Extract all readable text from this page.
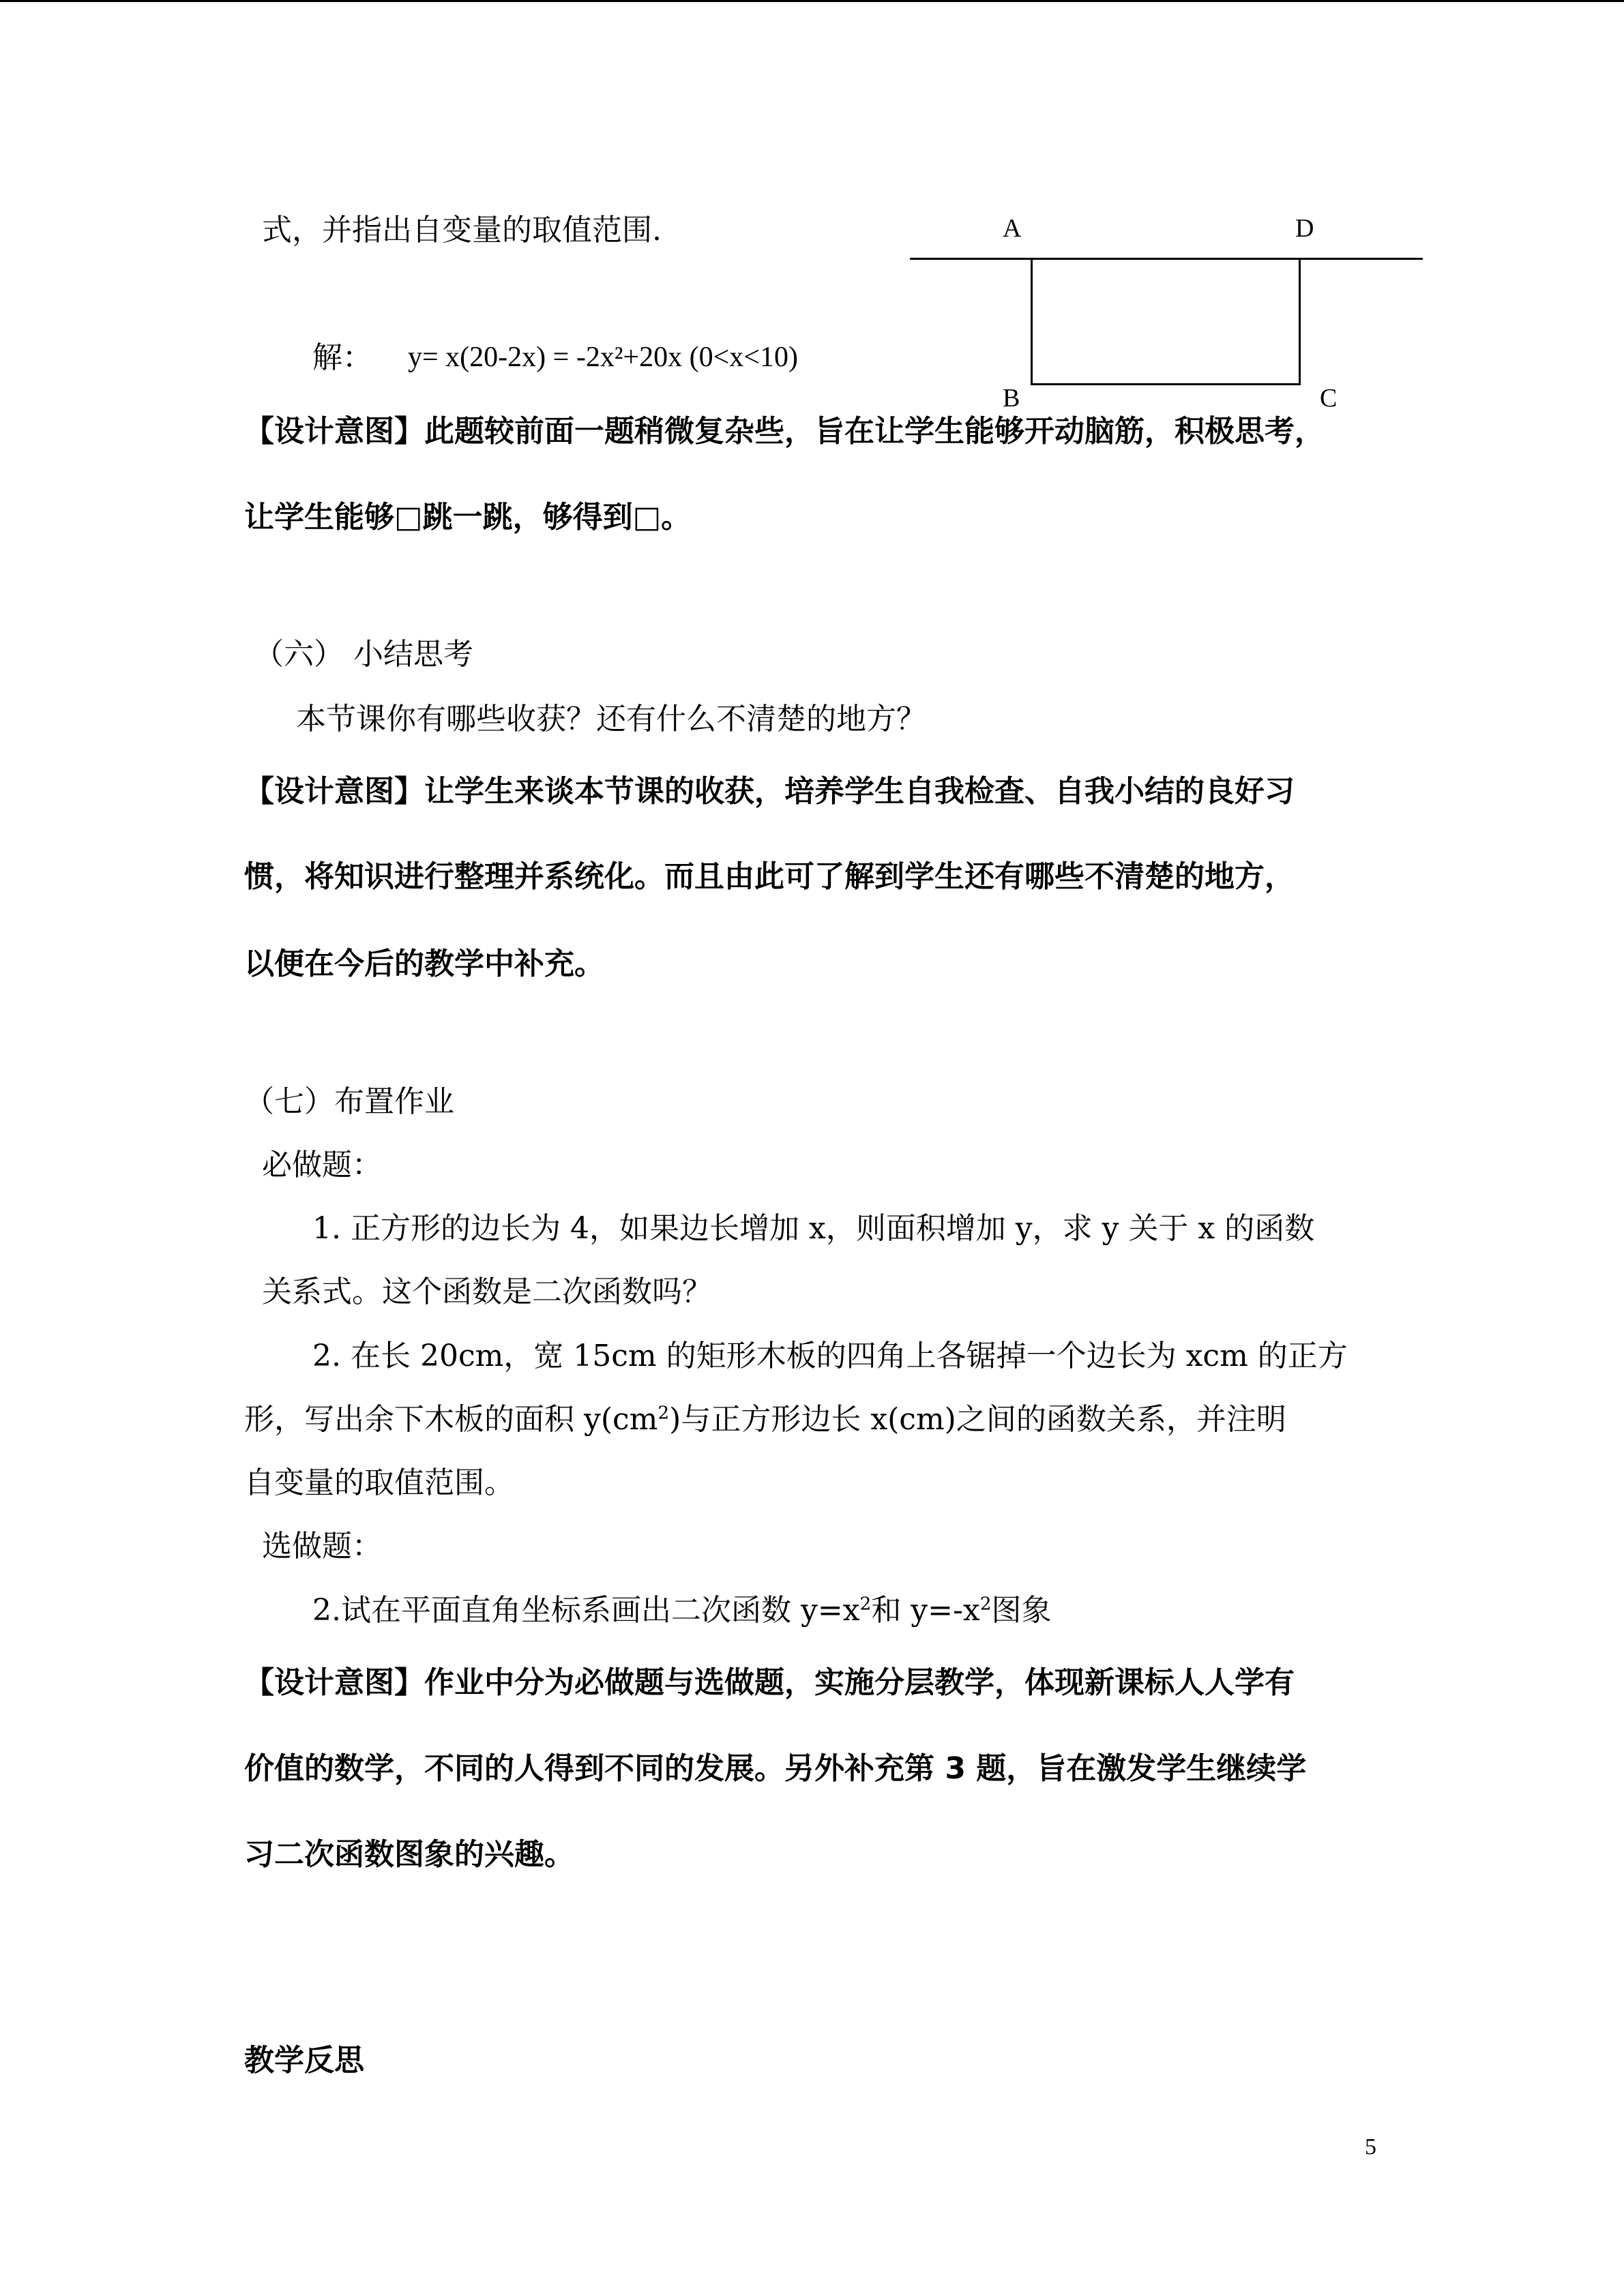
A	D
B	C
式，并指出自变量的取值范围.
解： y= x(20-2x) = -2x²+20x (0<x<10)
【设计意图】此题较前面一题稍微复杂些，旨在让学生能够开动脑筋，积极思考，
让学生能够□跳一跳，够得到□。
（六） 小结思考
本节课你有哪些收获？还有什么不清楚的地方？
【设计意图】让学生来谈本节课的收获，培养学生自我检查、自我小结的良好习
惯，将知识进行整理并系统化。而且由此可了解到学生还有哪些不清楚的地方，
以便在今后的教学中补充。
（七）布置作业
必做题：
1. 正方形的边长为 4，如果边长增加 x，则面积增加 y，求 y 关于 x 的函数
关系式。这个函数是二次函数吗？
2. 在长 20cm，宽 15cm 的矩形木板的四角上各锯掉一个边长为 xcm 的正方
形，写出余下木板的面积 $y(cm^2)$与正方形边长 x(cm)之间的函数关系，并注明
自变量的取值范围。
选做题：
2.试在平面直角坐标系画出二次函数 $y=x^2$和 $y=-x^2$图象
【设计意图】作业中分为必做题与选做题，实施分层教学，体现新课标人人学有
价值的数学，不同的人得到不同的发展。另外补充第 3 题，旨在激发学生继续学
习二次函数图象的兴趣。
教学反思
5
